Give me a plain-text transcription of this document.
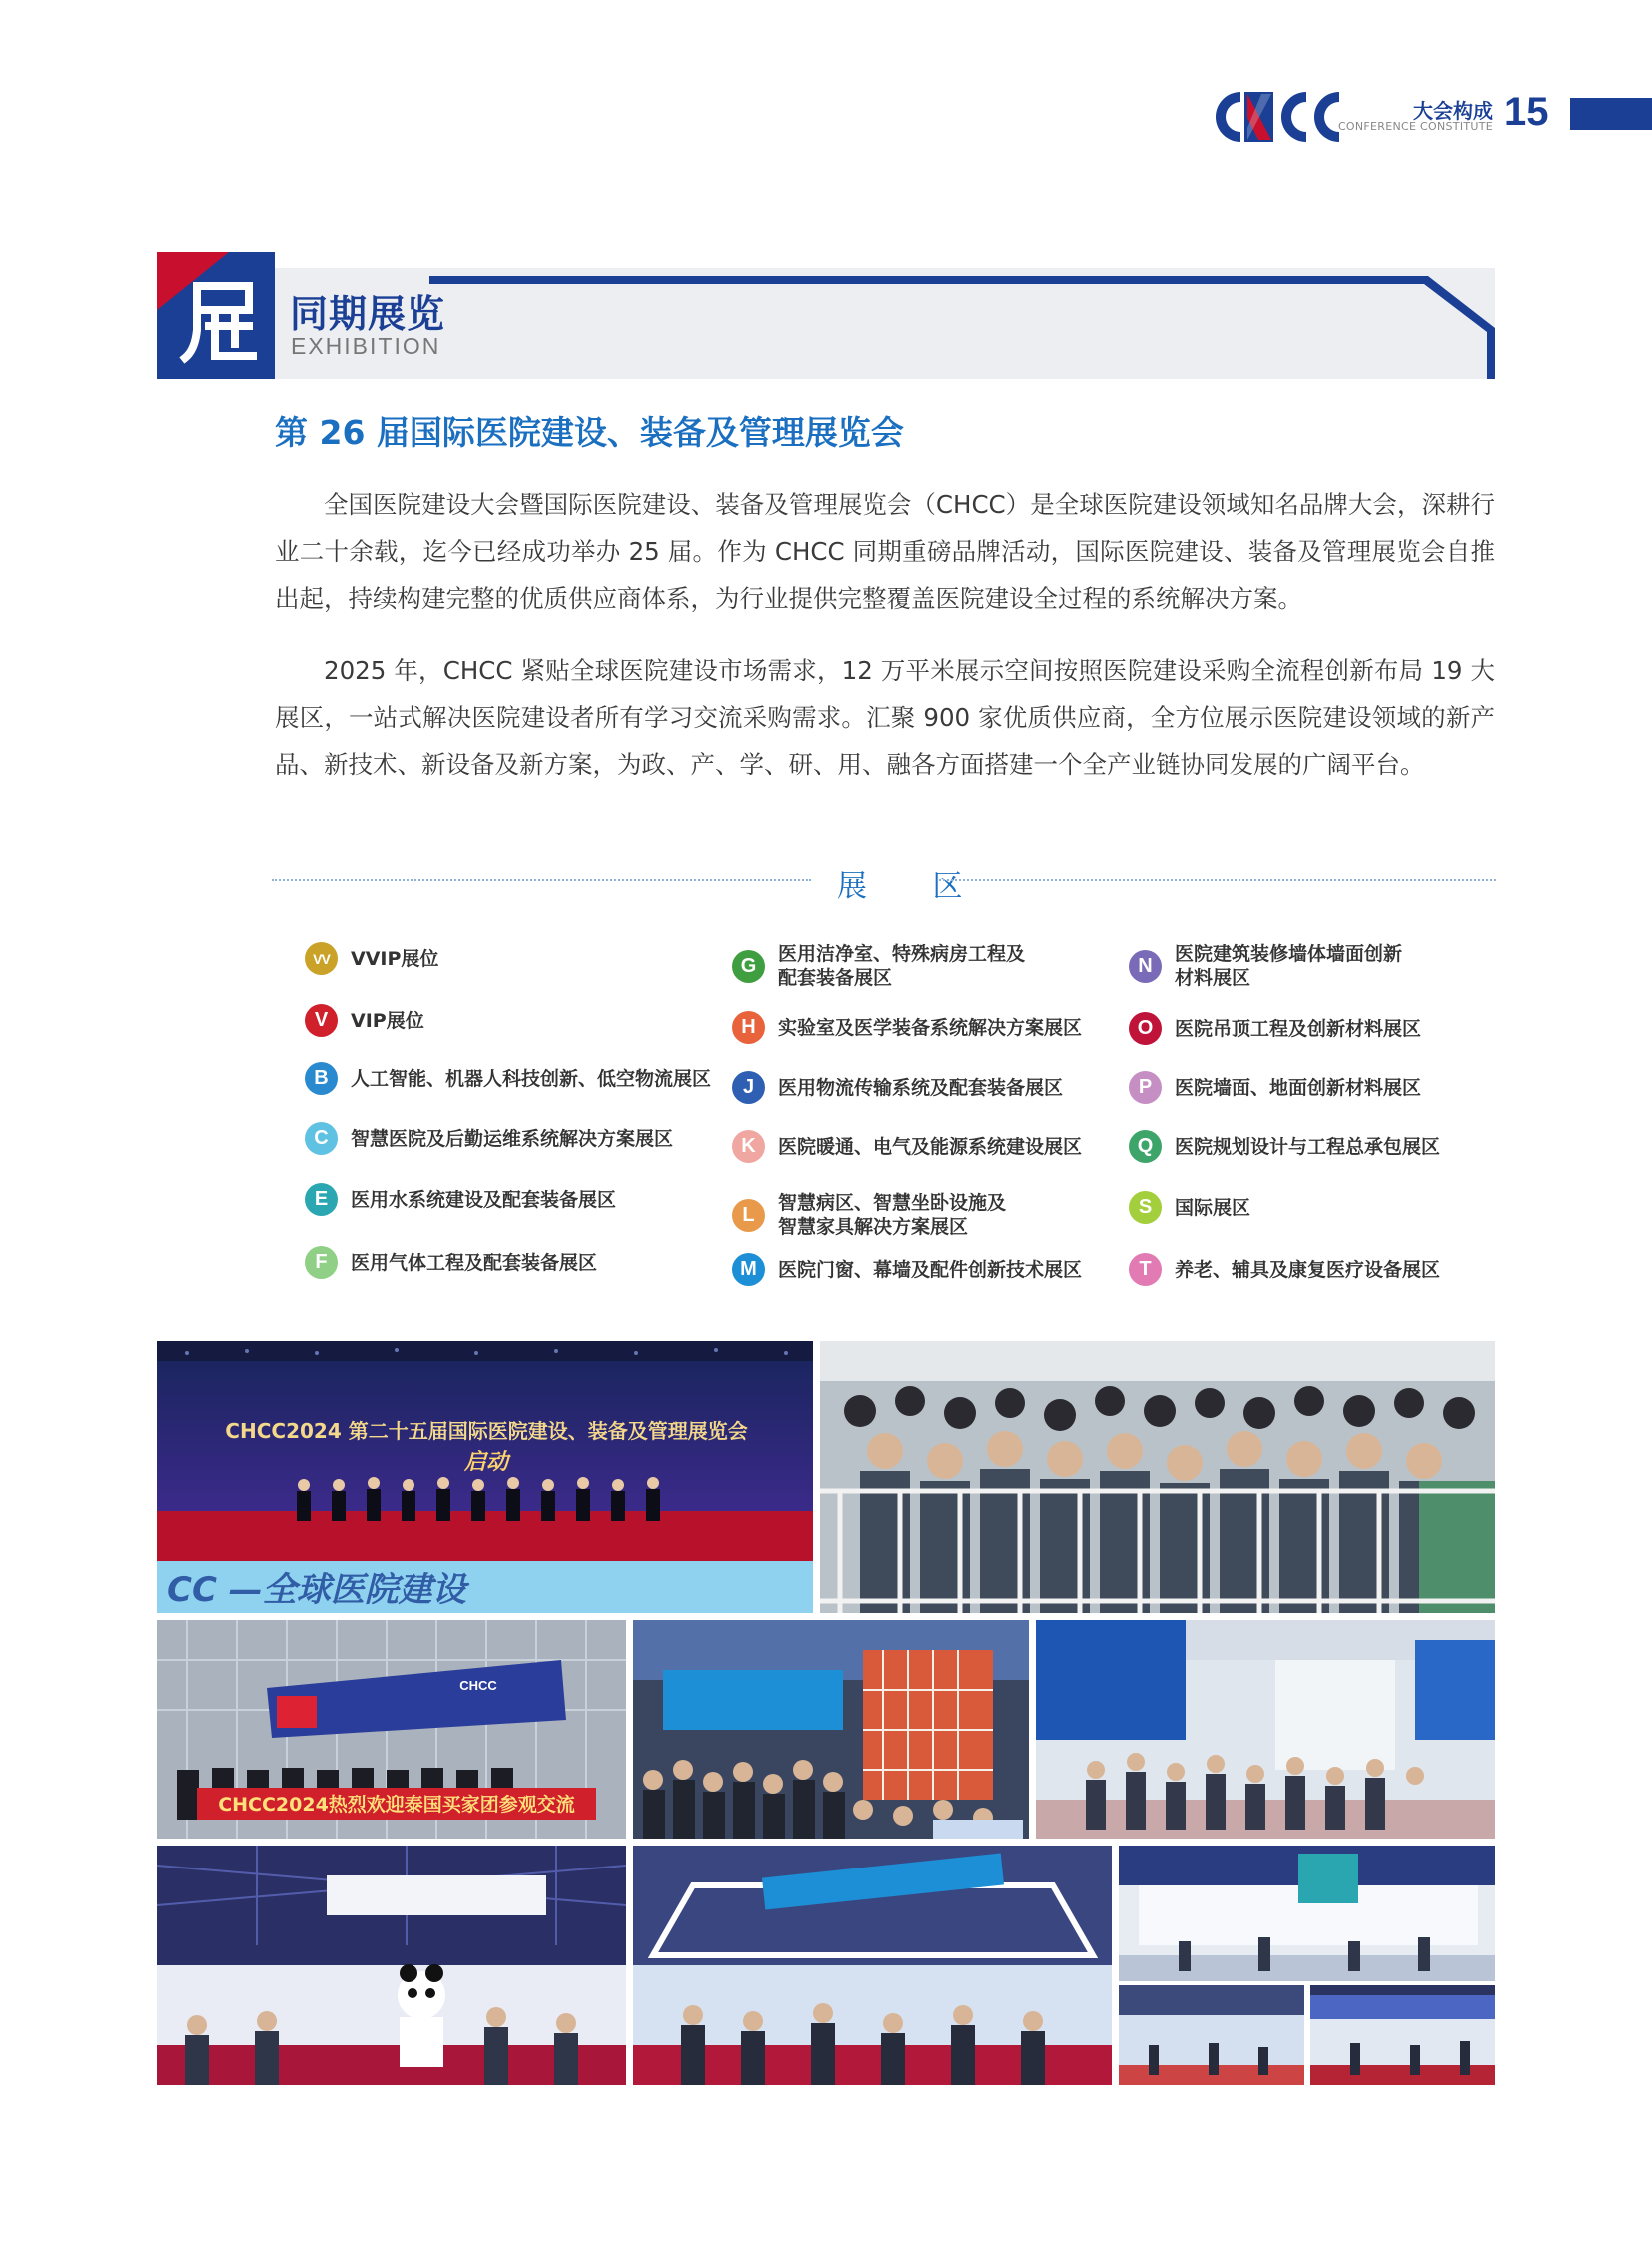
大会构成
CONFERENCE CONSTITUTE 15
同期展览
EXHIBITION
第 26 届国际医院建设、装备及管理展览会

全国医院建设大会暨国际医院建设、装备及管理展览会（CHCC）是全球医院建设领域知名品牌大会，深耕行业二十余载，迄今已经成功举办 25 届。作为 CHCC 同期重磅品牌活动，国际医院建设、装备及管理展览会自推出起，持续构建完整的优质供应商体系，为行业提供完整覆盖医院建设全过程的系统解决方案。

2025 年，CHCC 紧贴全球医院建设市场需求，12 万平米展示空间按照医院建设采购全流程创新布局 19 大展区，一站式解决医院建设者所有学习交流采购需求。汇聚 900 家优质供应商，全方位展示医院建设领域的新产品、新技术、新设备及新方案，为政、产、学、研、用、融各方面搭建一个全产业链协同发展的广阔平台。

展 区
VV	VVIP展位
V	VIP展位
B	人工智能、机器人科技创新、低空物流展区
C	智慧医院及后勤运维系统解决方案展区
E	医用水系统建设及配套装备展区
F	医用气体工程及配套装备展区
G
医用洁净室、特殊病房工程及
配套装备展区
H	实验室及医学装备系统解决方案展区
J	医用物流传输系统及配套装备展区
K	医院暖通、电气及能源系统建设展区
L
智慧病区、智慧坐卧设施及
智慧家具解决方案展区
M	医院门窗、幕墙及配件创新技术展区
N
医院建筑装修墙体墙面创新
材料展区
O	医院吊顶工程及创新材料展区
P	医院墙面、地面创新材料展区
Q	医院规划设计与工程总承包展区
S	国际展区
T	养老、辅具及康复医疗设备展区
CHCC2024 第二十五届国际医院建设、装备及管理展览会
启动
CC —全球医院建设
CHCC
CHCC2024热烈欢迎泰国买家团参观交流
